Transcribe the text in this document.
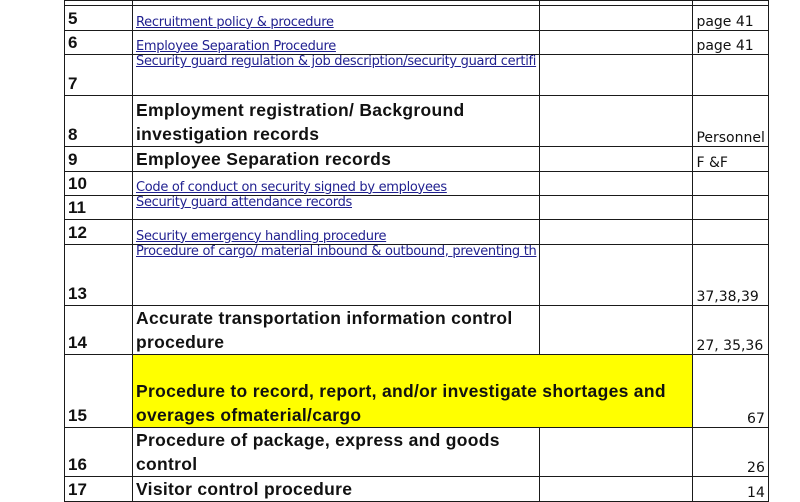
5	Recruitment policy & procedure		page 41
6	Employee Separation Procedure		page 41
7	Security guard regulation & job description/security guard certifi		
8	Employment registration/ Background investigation records		Personnel
9	Employee Separation records		F &F
10	Code of conduct on security signed by employees		
11	Security guard attendance records		
12	Security emergency handling procedure		
13	Procedure of cargo/ material inbound & outbound, preventing th		37,38,39
14	Accurate transportation information control procedure		27, 35,36
15	Procedure to record, report, and/or investigate shortages and overages ofmaterial/cargo		67
16	Procedure of package, express and goods control		26
17	Visitor control procedure		14
